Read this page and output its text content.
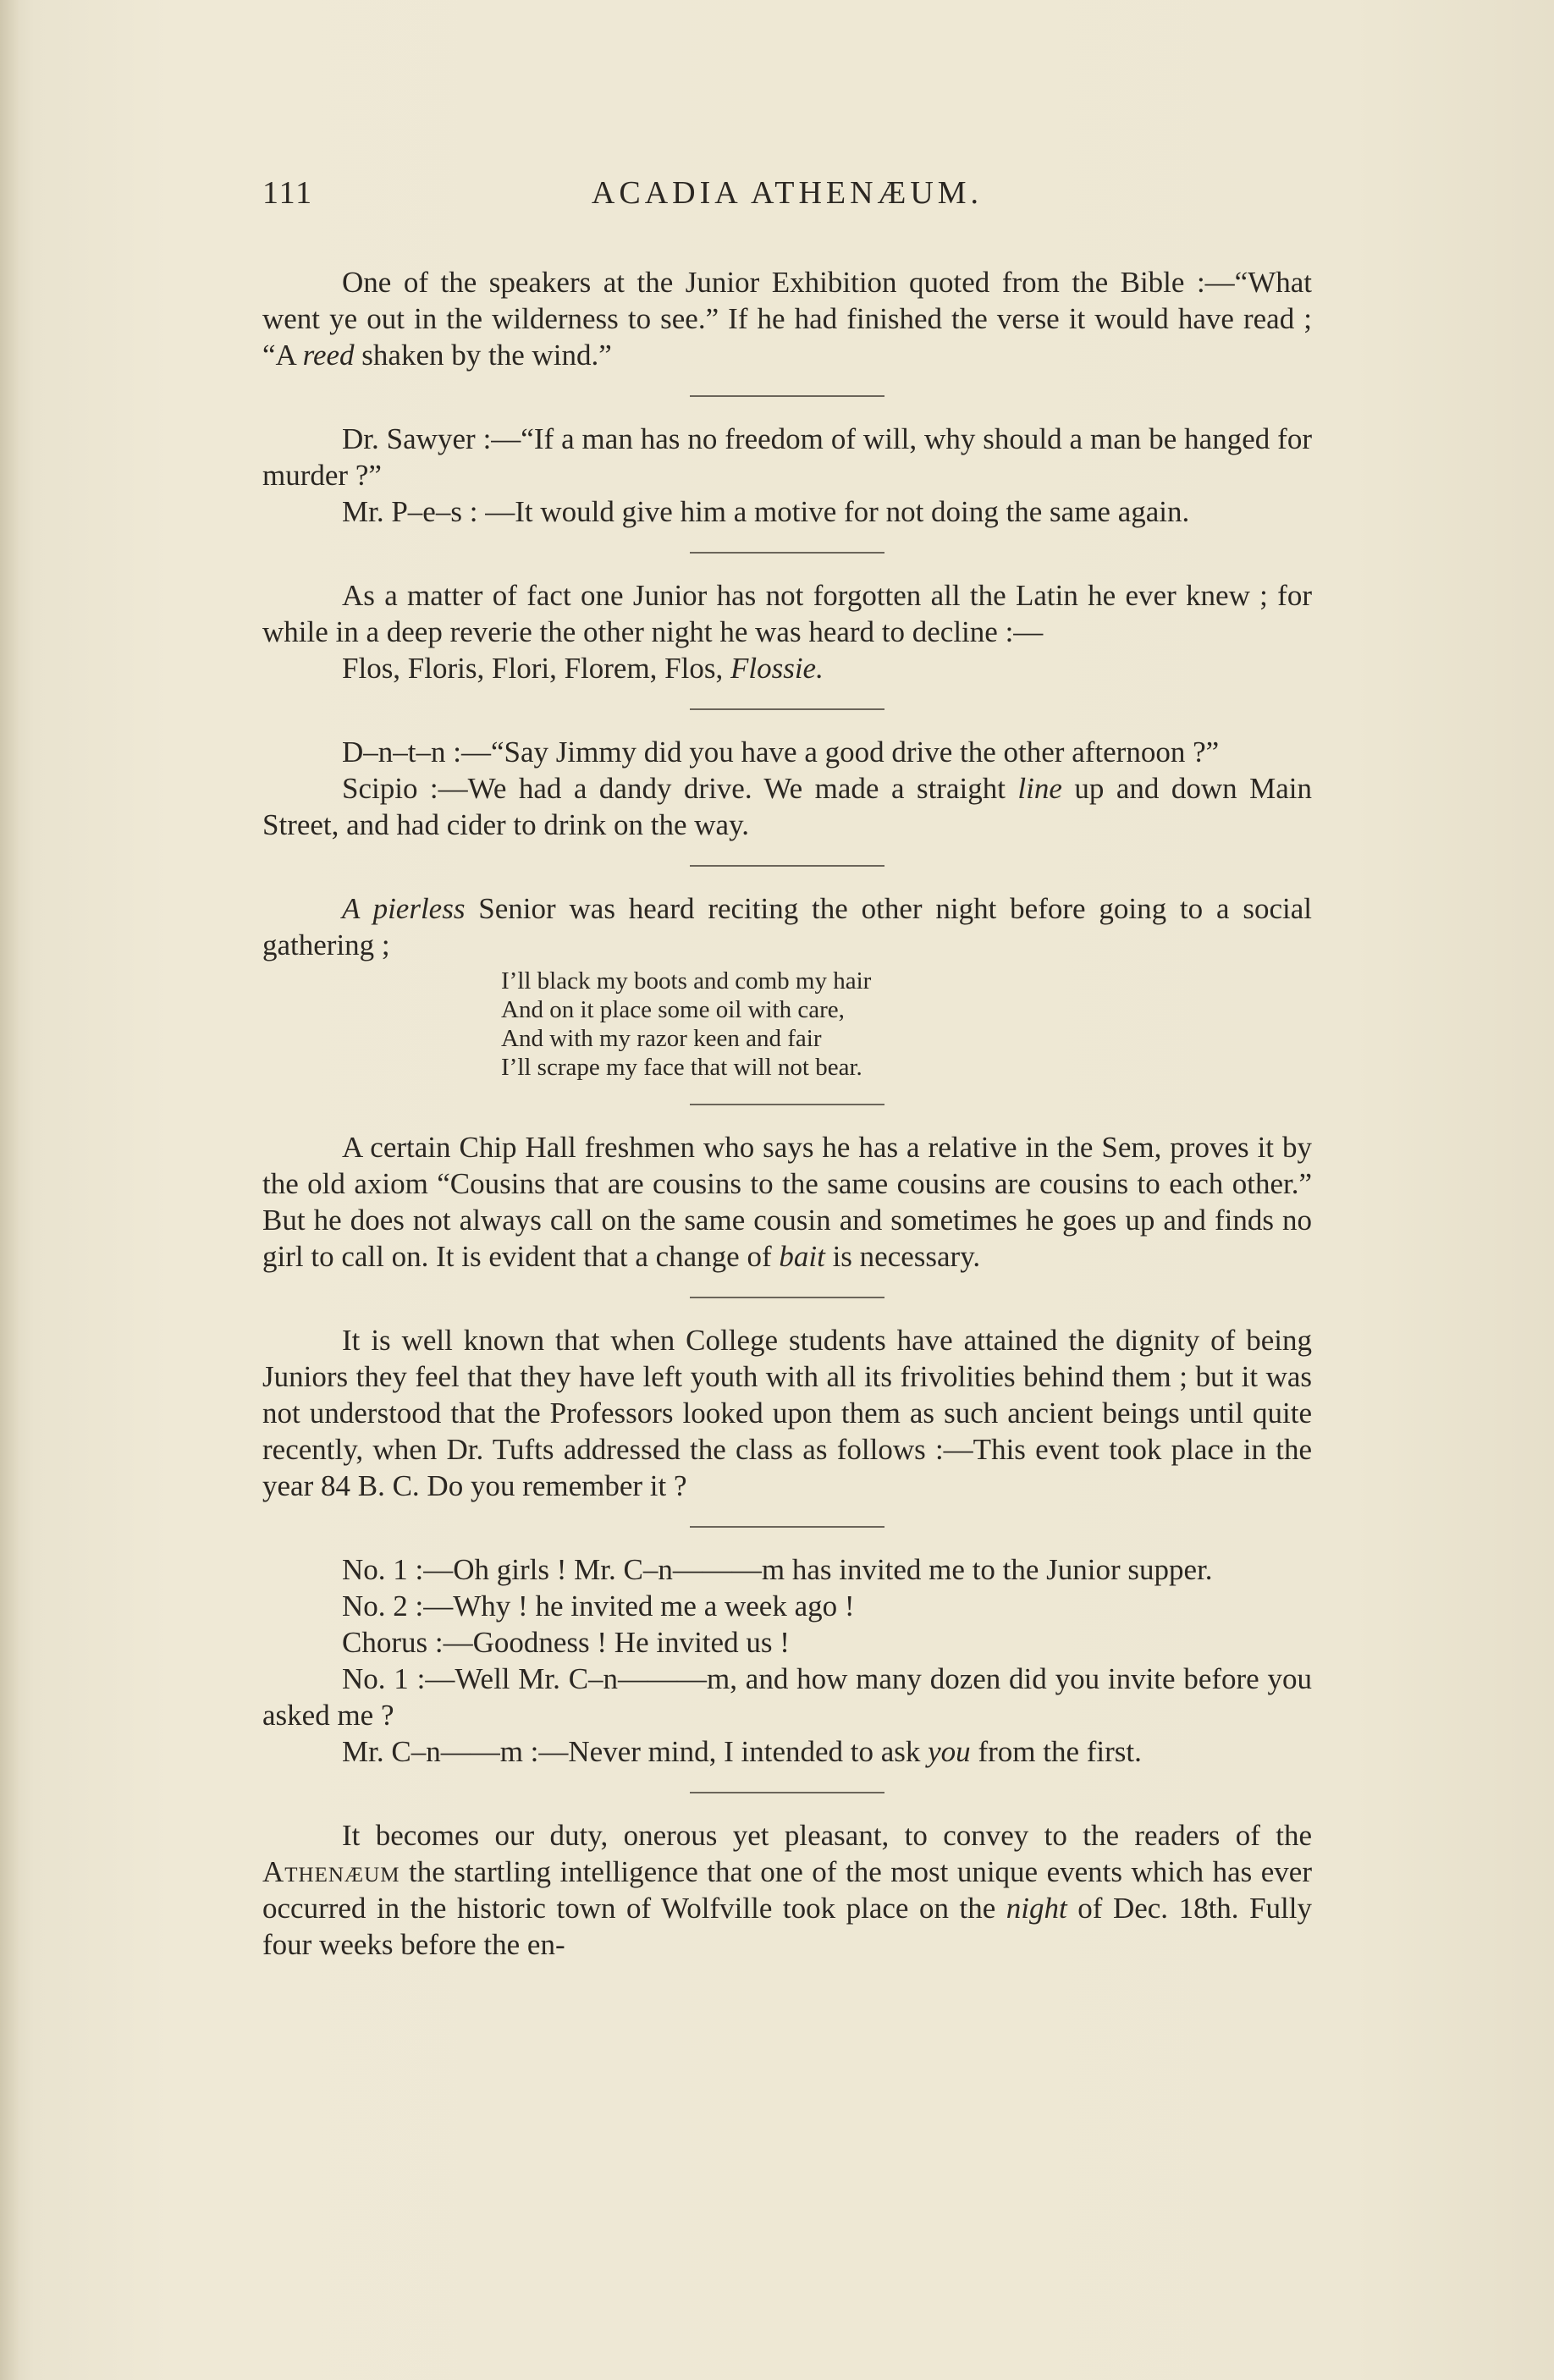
111	ACADIA ATHENÆUM.

One of the speakers at the Junior Exhibition quoted from the Bible :—“What went ye out in the wilderness to see.” If he had finished the verse it would have read ; “A reed shaken by the wind.”

Dr. Sawyer :—“If a man has no freedom of will, why should a man be hanged for murder ?”

Mr. P–e–s : —It would give him a motive for not doing the same again.

As a matter of fact one Junior has not forgotten all the Latin he ever knew ; for while in a deep reverie the other night he was heard to decline :—

Flos, Floris, Flori, Florem, Flos, Flossie.

D–n–t–n :—“Say Jimmy did you have a good drive the other afternoon ?”

Scipio :—We had a dandy drive. We made a straight line up and down Main Street, and had cider to drink on the way.

A pierless Senior was heard reciting the other night before going to a social gathering ;

I’ll black my boots and comb my hair
And on it place some oil with care,
And with my razor keen and fair
I’ll scrape my face that will not bear.

A certain Chip Hall freshmen who says he has a relative in the Sem, proves it by the old axiom “Cousins that are cousins to the same cousins are cousins to each other.” But he does not always call on the same cousin and sometimes he goes up and finds no girl to call on. It is evident that a change of bait is necessary.

It is well known that when College students have attained the dignity of being Juniors they feel that they have left youth with all its frivolities behind them ; but it was not understood that the Professors looked upon them as such ancient beings until quite recently, when Dr. Tufts addressed the class as follows :—This event took place in the year 84 B. C. Do you remember it ?

No. 1 :—Oh girls ! Mr. C–n———m has invited me to the Junior supper.

No. 2 :—Why ! he invited me a week ago !

Chorus :—Goodness ! He invited us !

No. 1 :—Well Mr. C–n———m, and how many dozen did you invite before you asked me ?

Mr. C–n——m :—Never mind, I intended to ask you from the first.

It becomes our duty, onerous yet pleasant, to convey to the readers of the Athenæum the startling intelligence that one of the most unique events which has ever occurred in the historic town of Wolfville took place on the night of Dec. 18th. Fully four weeks before the en-
